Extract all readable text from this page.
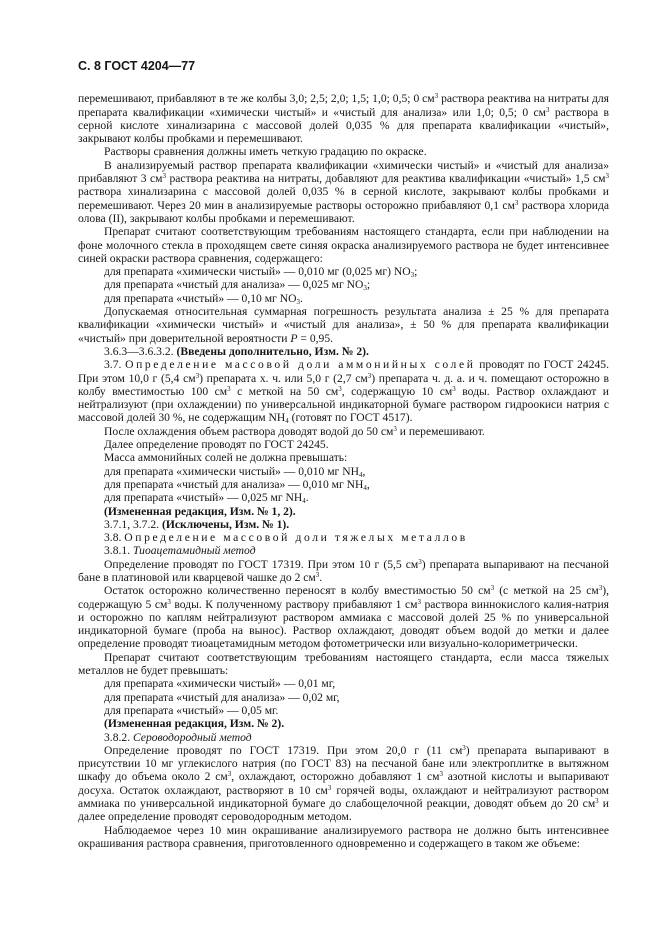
С. 8 ГОСТ 4204—77

перемешивают, прибавляют в те же колбы 3,0; 2,5; 2,0; 1,5; 1,0; 0,5; 0 $см^3$ раствора реактива на нитраты для препарата квалификации «химически чистый» и «чистый для анализа» или 1,0; 0,5; 0 $см^3$ раствора в серной кислоте хинализарина с массовой долей 0,035 % для препарата квалификации «чистый», закрывают колбы пробками и перемешивают.

Растворы сравнения должны иметь четкую градацию по окраске.

В анализируемый раствор препарата квалификации «химически чистый» и «чистый для анализа» прибавляют 3 $см^3$ раствора реактива на нитраты, добавляют для реактива квалификации «чистый» 1,5 $см^3$ раствора хинализарина с массовой долей 0,035 % в серной кислоте, закрывают колбы пробками и перемешивают. Через 20 мин в анализируемые растворы осторожно прибавляют 0,1 $см^3$ раствора хлорида олова (II), закрывают колбы пробками и перемешивают.

Препарат считают соответствующим требованиям настоящего стандарта, если при наблюдении на фоне молочного стекла в проходящем свете синяя окраска анализируемого раствора не будет интенсивнее синей окраски раствора сравнения, содержащего:

для препарата «химически чистый» — 0,010 мг (0,025 мг) $NO_3$;

для препарата «чистый для анализа» — 0,025 мг $NO_3$;

для препарата «чистый» — 0,10 мг $NO_3$.

Допускаемая относительная суммарная погрешность результата анализа ± 25 % для препарата квалификации «химически чистый» и «чистый для анализа», ± 50 % для препарата квалификации «чистый» при доверительной вероятности P = 0,95.

3.6.3—3.6.3.2. (Введены дополнительно, Изм. № 2).

3.7. Определение массовой доли аммонийных солей проводят по ГОСТ 24245. При этом 10,0 г (5,4 $см^3$) препарата х. ч. или 5,0 г (2,7 $см^3$) препарата ч. д. а. и ч. помещают осторожно в колбу вместимостью 100 $см^3$ с меткой на 50 $см^3$, содержащую 10 $см^3$ воды. Раствор охлаждают и нейтрализуют (при охлаждении) по универсальной индикаторной бумаге раствором гидроокиси натрия с массовой долей 30 %, не содержащим $NH_4$ (готовят по ГОСТ 4517).

После охлаждения объем раствора доводят водой до 50 $см^3$ и перемешивают.

Далее определение проводят по ГОСТ 24245.

Масса аммонийных солей не должна превышать:

для препарата «химически чистый» — 0,010 мг $NH_4$,

для препарата «чистый для анализа» — 0,010 мг $NH_4$,

для препарата «чистый» — 0,025 мг $NH_4$.

(Измененная редакция, Изм. № 1, 2).

3.7.1, 3.7.2. (Исключены, Изм. № 1).

3.8. Определение массовой доли тяжелых металлов

3.8.1. Тиоацетамидный метод

Определение проводят по ГОСТ 17319. При этом 10 г (5,5 $см^3$) препарата выпаривают на песчаной бане в платиновой или кварцевой чашке до 2 $см^3$.

Остаток осторожно количественно переносят в колбу вместимостью 50 $см^3$ (с меткой на 25 $см^3$), содержащую 5 $см^3$ воды. К полученному раствору прибавляют 1 $см^3$ раствора виннокислого калия-натрия и осторожно по каплям нейтрализуют раствором аммиака с массовой долей 25 % по универсальной индикаторной бумаге (проба на вынос). Раствор охлаждают, доводят объем водой до метки и далее определение проводят тиоацетамидным методом фотометрически или визуально-колориметрически.

Препарат считают соответствующим требованиям настоящего стандарта, если масса тяжелых металлов не будет превышать:

для препарата «химически чистый» — 0,01 мг,

для препарата «чистый для анализа» — 0,02 мг,

для препарата «чистый» — 0,05 мг.

(Измененная редакция, Изм. № 2).

3.8.2. Сероводородный метод

Определение проводят по ГОСТ 17319. При этом 20,0 г (11 $см^3$) препарата выпаривают в присутствии 10 мг углекислого натрия (по ГОСТ 83) на песчаной бане или электроплитке в вытяжном шкафу до объема около 2 $см^3$, охлаждают, осторожно добавляют 1 $см^3$ азотной кислоты и выпаривают досуха. Остаток охлаждают, растворяют в 10 $см^3$ горячей воды, охлаждают и нейтрализуют раствором аммиака по универсальной индикаторной бумаге до слабощелочной реакции, доводят объем до 20 $см^3$ и далее определение проводят сероводородным методом.

Наблюдаемое через 10 мин окрашивание анализируемого раствора не должно быть интенсивнее окрашивания раствора сравнения, приготовленного одновременно и содержащего в таком же объеме:
